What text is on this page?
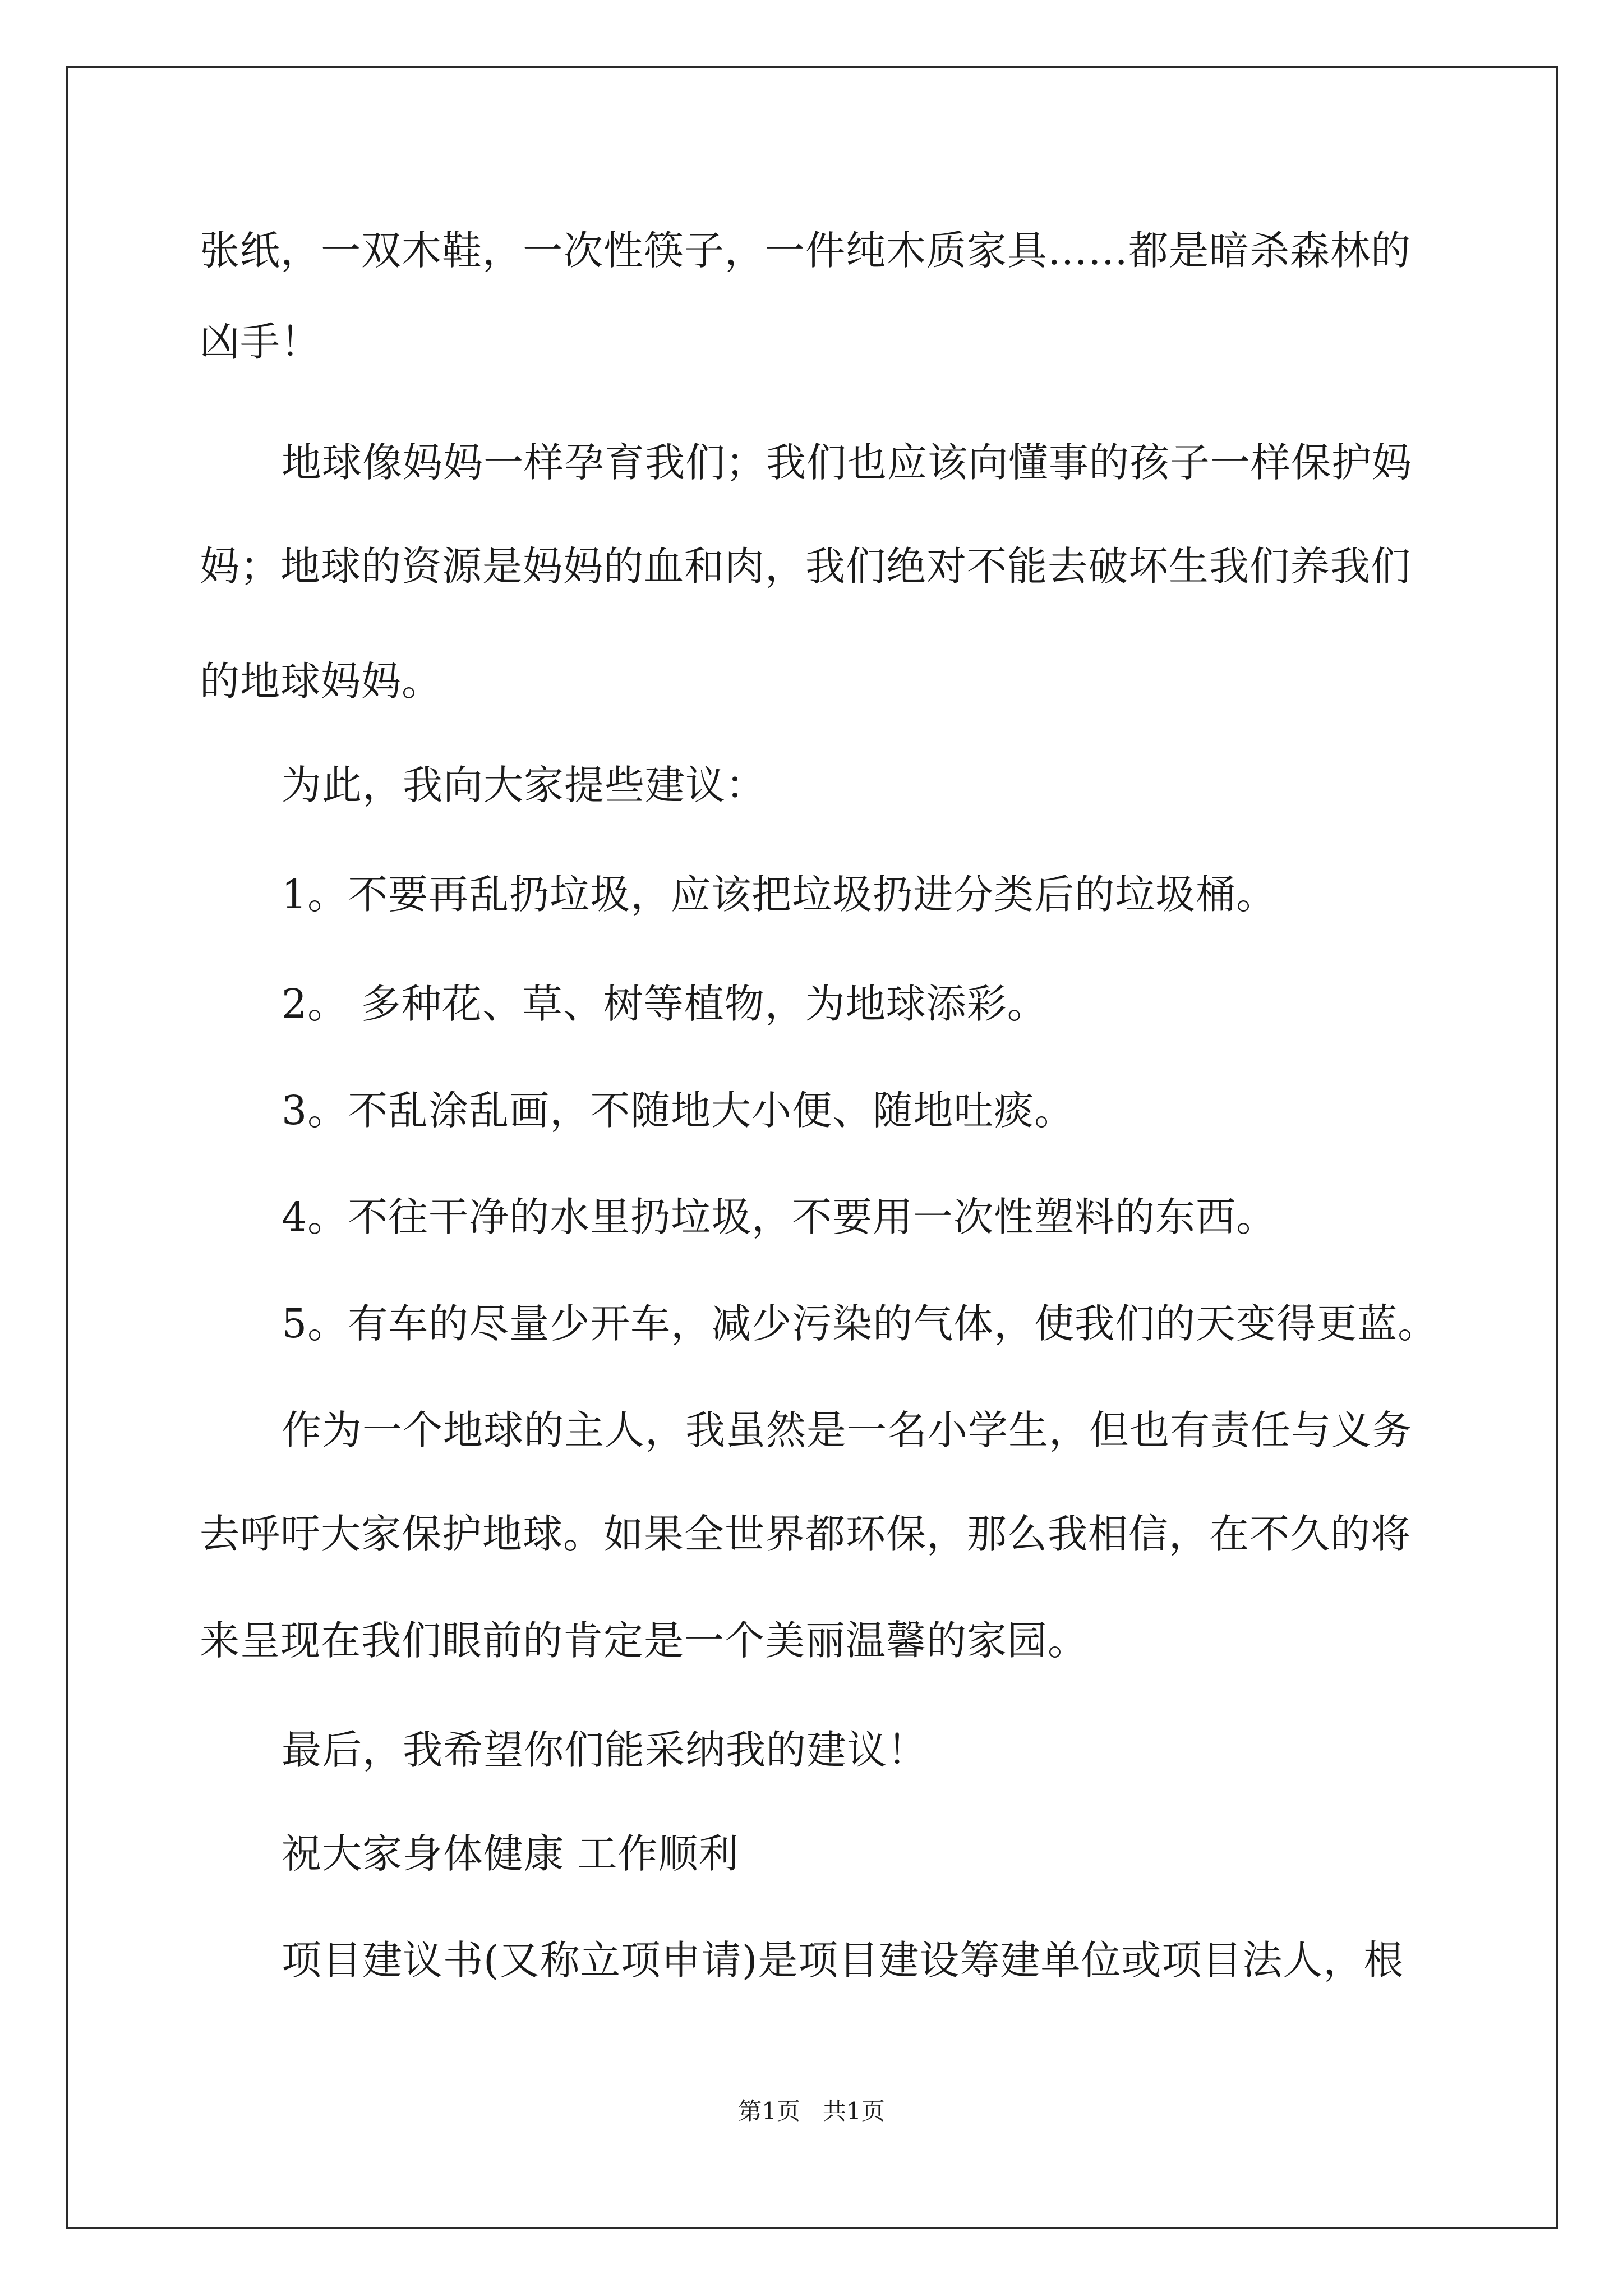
张纸，一双木鞋，一次性筷子，一件纯木质家具……都是暗杀森林的
凶手！
地球像妈妈一样孕育我们；我们也应该向懂事的孩子一样保护妈
妈；地球的资源是妈妈的血和肉，我们绝对不能去破坏生我们养我们
的地球妈妈。
为此，我向大家提些建议：
1。不要再乱扔垃圾，应该把垃圾扔进分类后的垃圾桶。
2。 多种花、草、树等植物，为地球添彩。
3。不乱涂乱画，不随地大小便、随地吐痰。
4。不往干净的水里扔垃圾，不要用一次性塑料的东西。
5。有车的尽量少开车，减少污染的气体，使我们的天变得更蓝。
作为一个地球的主人，我虽然是一名小学生，但也有责任与义务
去呼吁大家保护地球。如果全世界都环保，那么我相信，在不久的将
来呈现在我们眼前的肯定是一个美丽温馨的家园。
最后，我希望你们能采纳我的建议！
祝大家身体健康 工作顺利
项目建议书(又称立项申请)是项目建设筹建单位或项目法人，根
第1页   共1页
